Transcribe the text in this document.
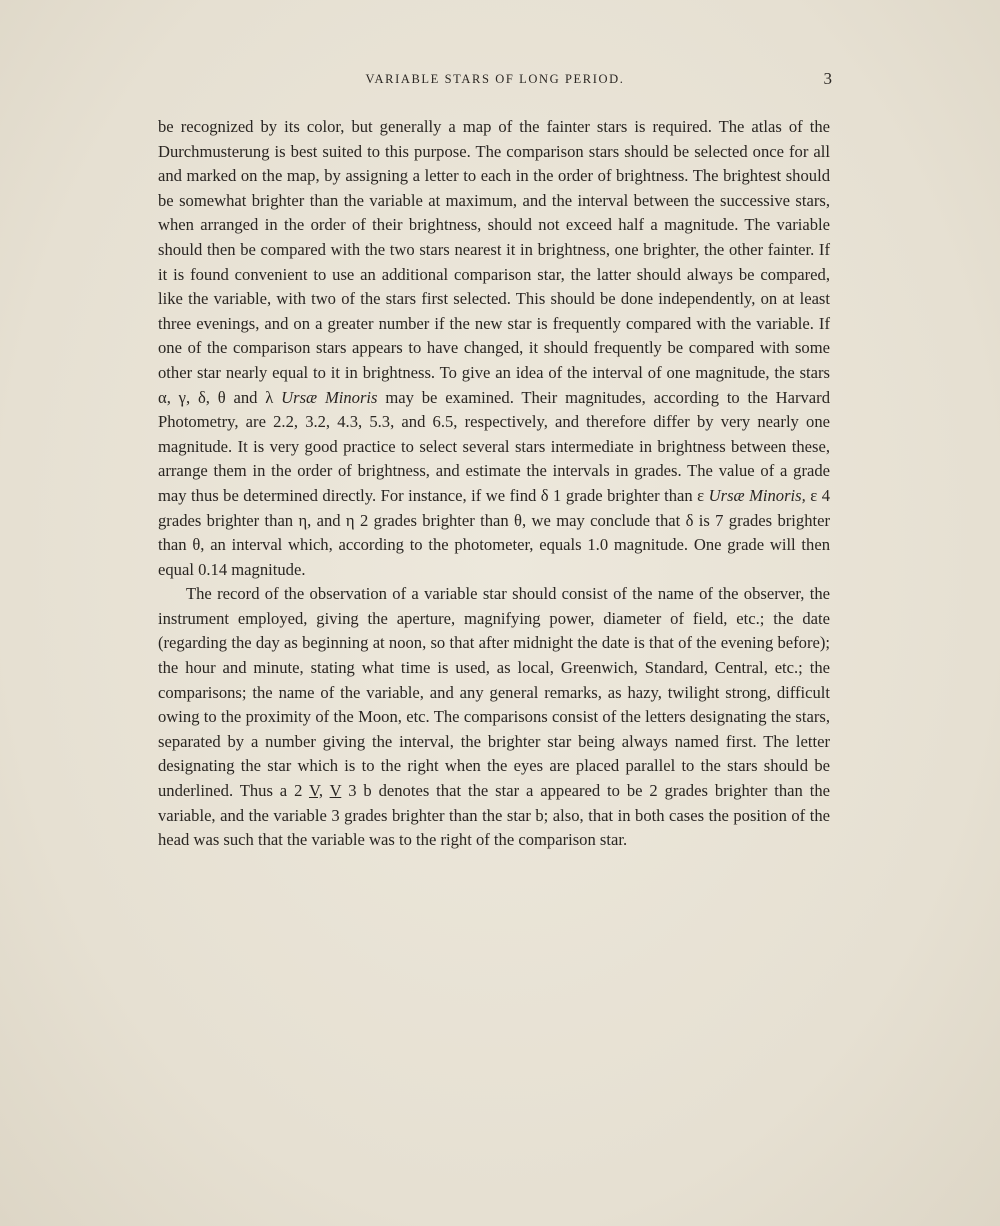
VARIABLE STARS OF LONG PERIOD.	3

be recognized by its color, but generally a map of the fainter stars is required. The atlas of the Durchmusterung is best suited to this purpose. The comparison stars should be selected once for all and marked on the map, by assigning a letter to each in the order of brightness. The brightest should be somewhat brighter than the variable at maximum, and the interval between the successive stars, when arranged in the order of their brightness, should not exceed half a magnitude. The variable should then be compared with the two stars nearest it in brightness, one brighter, the other fainter. If it is found convenient to use an additional comparison star, the latter should always be compared, like the variable, with two of the stars first selected. This should be done independently, on at least three evenings, and on a greater number if the new star is frequently compared with the variable. If one of the comparison stars appears to have changed, it should frequently be compared with some other star nearly equal to it in brightness. To give an idea of the interval of one magnitude, the stars α, γ, δ, θ and λ Ursæ Minoris may be examined. Their magnitudes, according to the Harvard Photometry, are 2.2, 3.2, 4.3, 5.3, and 6.5, respectively, and therefore differ by very nearly one magnitude. It is very good practice to select several stars intermediate in brightness between these, arrange them in the order of brightness, and estimate the intervals in grades. The value of a grade may thus be determined directly. For instance, if we find δ 1 grade brighter than ε Ursæ Minoris, ε 4 grades brighter than η, and η 2 grades brighter than θ, we may conclude that δ is 7 grades brighter than θ, an interval which, according to the photometer, equals 1.0 magnitude. One grade will then equal 0.14 magnitude.

The record of the observation of a variable star should consist of the name of the observer, the instrument employed, giving the aperture, magnifying power, diameter of field, etc.; the date (regarding the day as beginning at noon, so that after midnight the date is that of the evening before); the hour and minute, stating what time is used, as local, Greenwich, Standard, Central, etc.; the comparisons; the name of the variable, and any general remarks, as hazy, twilight strong, difficult owing to the proximity of the Moon, etc. The comparisons consist of the letters designating the stars, separated by a number giving the interval, the brighter star being always named first. The letter designating the star which is to the right when the eyes are placed parallel to the stars should be underlined. Thus a 2 V, V 3 b denotes that the star a appeared to be 2 grades brighter than the variable, and the variable 3 grades brighter than the star b; also, that in both cases the position of the head was such that the variable was to the right of the comparison star.
